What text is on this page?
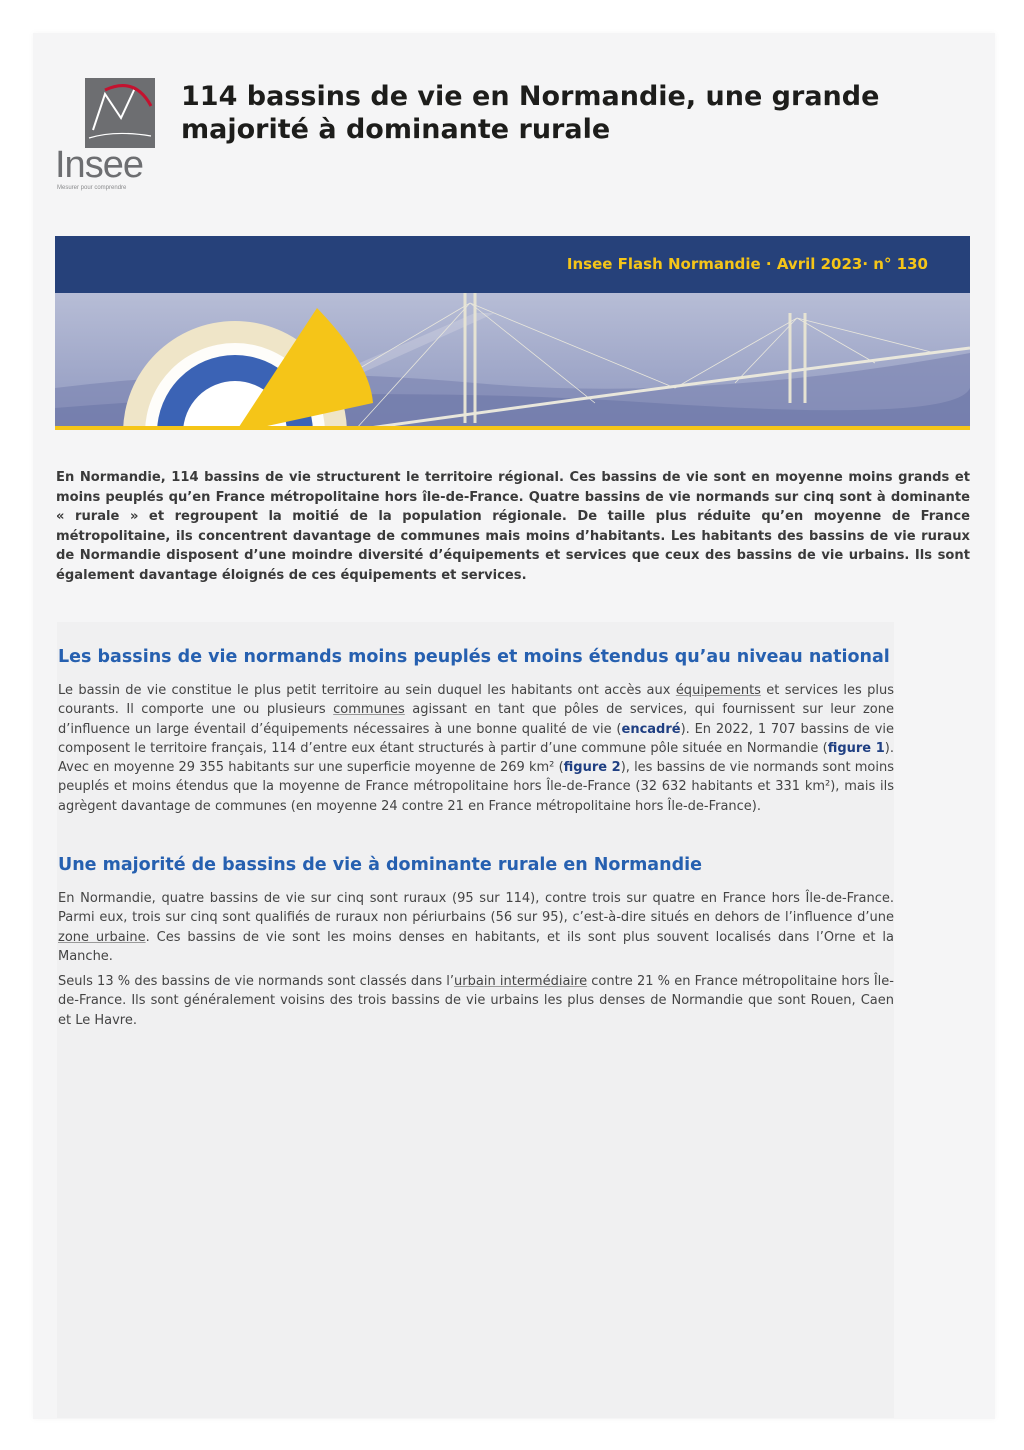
Insee
Mesurer pour comprendre
114 bassins de vie en Normandie, une grande majorité à dominante rurale
Insee Flash Normandie · Avril 2023· n° 130

En Normandie, 114 bassins de vie structurent le territoire régional. Ces bassins de vie sont en moyenne moins grands et moins peuplés qu’en France métropolitaine hors île-de-France. Quatre bassins de vie normands sur cinq sont à dominante « rurale » et regroupent la moitié de la population régionale. De taille plus réduite qu’en moyenne de France métropolitaine, ils concentrent davantage de communes mais moins d’habitants. Les habitants des bassins de vie ruraux de Normandie disposent d’une moindre diversité d’équipements et services que ceux des bassins de vie urbains. Ils sont également davantage éloignés de ces équipements et services.

Les bassins de vie normands moins peuplés et moins étendus qu’au niveau national

Le bassin de vie constitue le plus petit territoire au sein duquel les habitants ont accès aux équipements et services les plus courants. Il comporte une ou plusieurs communes agissant en tant que pôles de services, qui fournissent sur leur zone d’influence un large éventail d’équipements nécessaires à une bonne qualité de vie (encadré). En 2022, 1 707 bassins de vie composent le territoire français, 114 d’entre eux étant structurés à partir d’une commune pôle située en Normandie (figure 1). Avec en moyenne 29 355 habitants sur une superficie moyenne de 269 km² (figure 2), les bassins de vie normands sont moins peuplés et moins étendus que la moyenne de France métropolitaine hors Île-de-France (32 632 habitants et 331 km²), mais ils agrègent davantage de communes (en moyenne 24 contre 21 en France métropolitaine hors Île-de-France).

Une majorité de bassins de vie à dominante rurale en Normandie

En Normandie, quatre bassins de vie sur cinq sont ruraux (95 sur 114), contre trois sur quatre en France hors Île-de-France. Parmi eux, trois sur cinq sont qualifiés de ruraux non périurbains (56 sur 95), c’est-à-dire situés en dehors de l’influence d’une zone urbaine. Ces bassins de vie sont les moins denses en habitants, et ils sont plus souvent localisés dans l’Orne et la Manche.

Seuls 13 % des bassins de vie normands sont classés dans l’urbain intermédiaire contre 21 % en France métropolitaine hors Île-de-France. Ils sont généralement voisins des trois bassins de vie urbains les plus denses de Normandie que sont Rouen, Caen et Le Havre.
